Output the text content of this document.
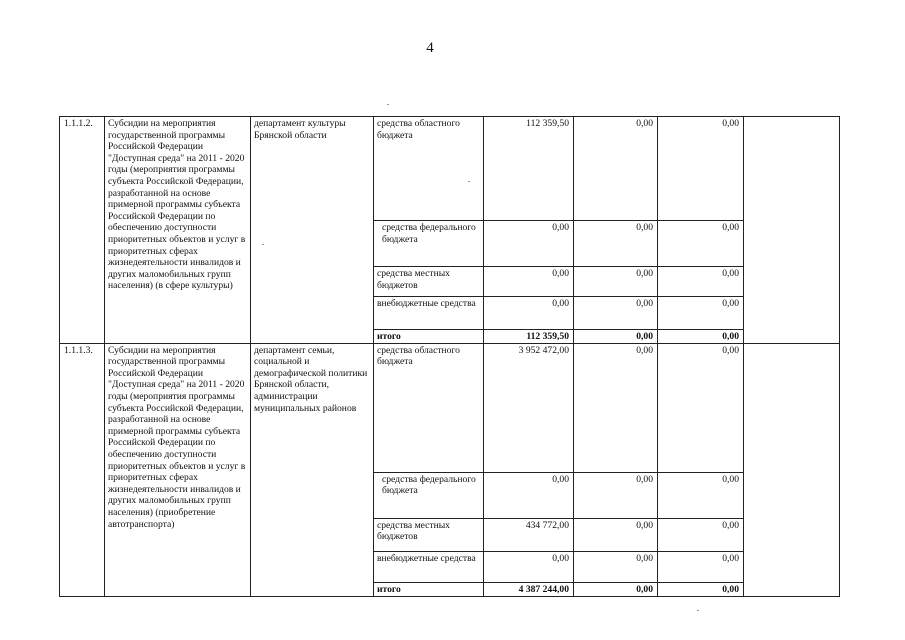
4
1.1.1.2.	Субсидии на мероприятия государственной программы Российской Федерации "Доступная среда" на 2011 - 2020 годы (мероприятия программы субъекта Российской Федерации, разработанной на основе примерной программы субъекта Российской Федерации по обеспечению доступности приоритетных объектов и услуг в приоритетных сферах жизнедеятельности инвалидов и других маломобильных групп населения) (в сфере культуры)	департамент культуры Брянской области	средства областного бюджета	112 359,50	0,00	0,00	
			средства федерального бюджета	0,00	0,00	0,00	
			средства местных бюджетов	0,00	0,00	0,00	
			внебюджетные средства	0,00	0,00	0,00	
			итого	112 359,50	0,00	0,00	
1.1.1.3.	Субсидии на мероприятия государственной программы Российской Федерации "Доступная среда" на 2011 - 2020 годы (мероприятия программы субъекта Российской Федерации, разработанной на основе примерной программы субъекта Российской Федерации по обеспечению доступности приоритетных объектов и услуг в приоритетных сферах жизнедеятельности инвалидов и других маломобильных групп населения) (приобретение автотранспорта)	департамент семьи, социальной и демографической политики Брянской области, администрации муниципальных районов	средства областного бюджета	3 952 472,00	0,00	0,00	
			средства федерального бюджета	0,00	0,00	0,00	
			средства местных бюджетов	434 772,00	0,00	0,00	
			внебюджетные средства	0,00	0,00	0,00	
			итого	4 387 244,00	0,00	0,00	
